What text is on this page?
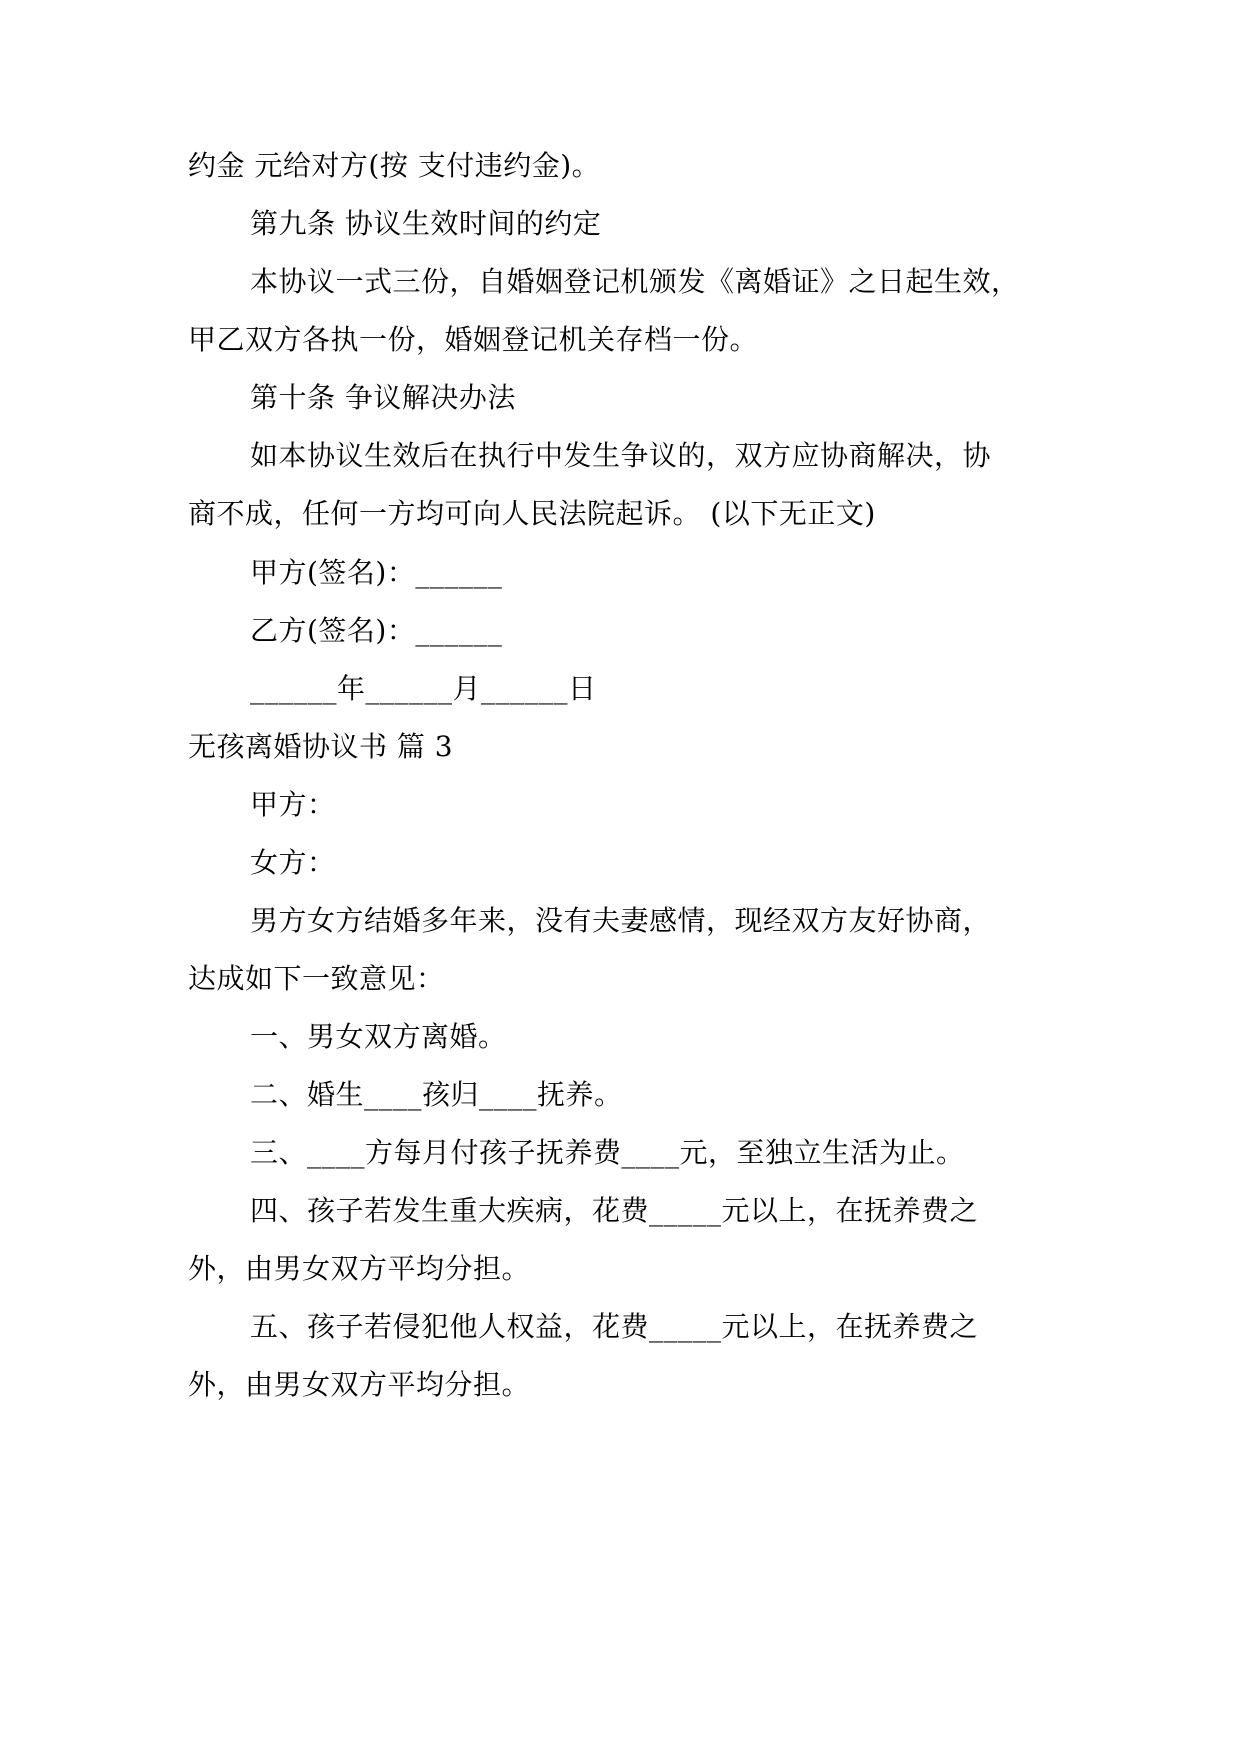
约金 元给对方(按 支付违约金)。
第九条 协议生效时间的约定
本协议一式三份，自婚姻登记机颁发《离婚证》之日起生效，
甲乙双方各执一份，婚姻登记机关存档一份。
第十条 争议解决办法
如本协议生效后在执行中发生争议的，双方应协商解决，协
商不成，任何一方均可向人民法院起诉。 (以下无正文)
甲方(签名)：______
乙方(签名)：______
______年______月______日
无孩离婚协议书 篇 3
甲方：
女方：
男方女方结婚多年来，没有夫妻感情，现经双方友好协商，
达成如下一致意见：
一、男女双方离婚。
二、婚生____孩归____抚养。
三、____方每月付孩子抚养费____元，至独立生活为止。
四、孩子若发生重大疾病，花费_____元以上，在抚养费之
外，由男女双方平均分担。
五、孩子若侵犯他人权益，花费_____元以上，在抚养费之
外，由男女双方平均分担。
